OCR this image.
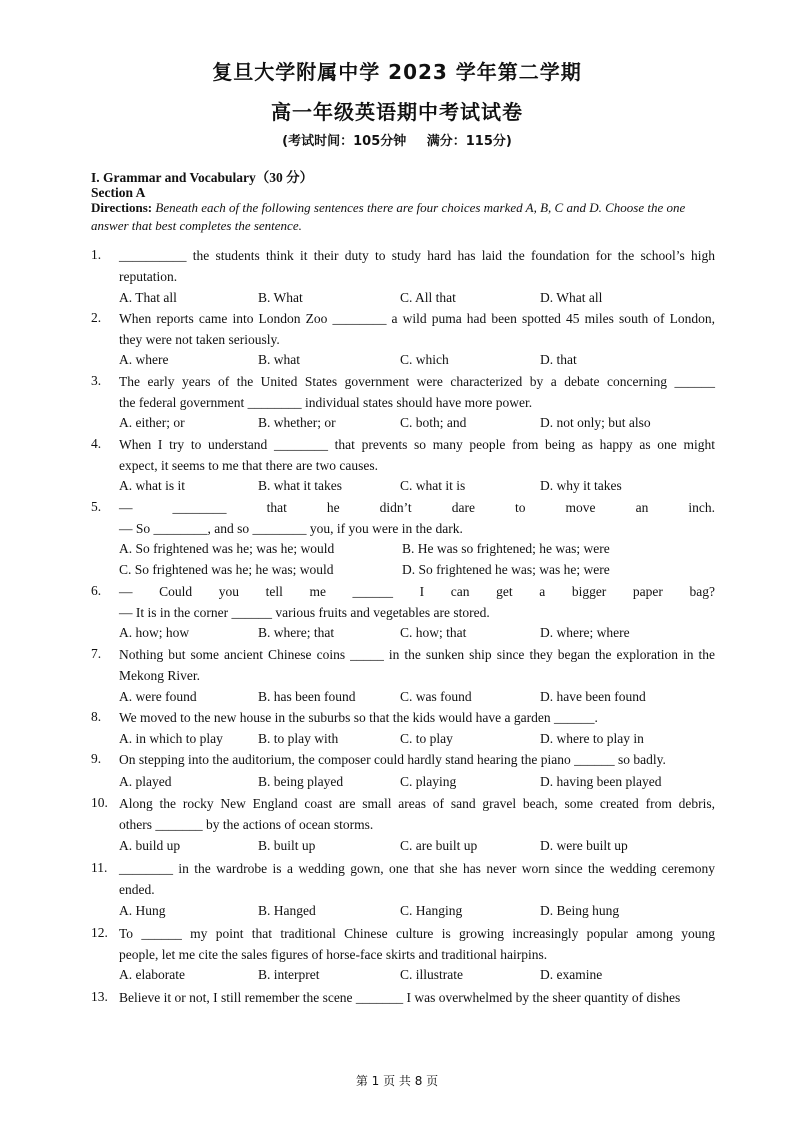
复旦大学附属中学 2023 学年第二学期
高一年级英语期中考试试卷
(考试时间：105分钟 满分：115分)
I. Grammar and Vocabulary（30 分）
Section A
Directions: Beneath each of the following sentences there are four choices marked A, B, C and D. Choose the one answer that best completes the sentence.
1. __________ the students think it their duty to study hard has laid the foundation for the school’s high
reputation.
A. That all	B. What	C. All that	D. What all
2. When reports came into London Zoo ________ a wild puma had been spotted 45 miles south of London,
they were not taken seriously.
A. where	B. what	C. which	D. that
3. The early years of the United States government were characterized by a debate concerning ______
the federal government ________ individual states should have more power.
A. either; or	B. whether; or	C. both; and	D. not only; but also
4. When I try to understand ________ that prevents so many people from being as happy as one might
expect, it seems to me that there are two causes.
A. what is it	B. what it takes	C. what it is	D. why it takes
5. — ________ that he didn’t dare to move an inch.
— So ________, and so ________ you, if you were in the dark.
A. So frightened was he; was he; would	B. He was so frightened; he was; were
C. So frightened was he; he was; would	D. So frightened he was; was he; were
6. — Could you tell me ______ I can get a bigger paper bag?
— It is in the corner ______ various fruits and vegetables are stored.
A. how; how	B. where; that	C. how; that	D. where; where
7. Nothing but some ancient Chinese coins _____ in the sunken ship since they began the exploration in the
Mekong River.
A. were found	B. has been found	C. was found	D. have been found
8. We moved to the new house in the suburbs so that the kids would have a garden ______.
A. in which to play	B. to play with	C. to play	D. where to play in
9. On stepping into the auditorium, the composer could hardly stand hearing the piano ______ so badly.
A. played	B. being played	C. playing	D. having been played
10. Along the rocky New England coast are small areas of sand gravel beach, some created from debris,
others _______ by the actions of ocean storms.
A. build up	B. built up	C. are built up	D. were built up
11. ________ in the wardrobe is a wedding gown, one that she has never worn since the wedding ceremony
ended.
A. Hung	B. Hanged	C. Hanging	D. Being hung
12. To ______ my point that traditional Chinese culture is growing increasingly popular among young
people, let me cite the sales figures of horse-face skirts and traditional hairpins.
A. elaborate	B. interpret	C. illustrate	D. examine
13. Believe it or not, I still remember the scene _______ I was overwhelmed by the sheer quantity of dishes
第 1 页 共 8 页
